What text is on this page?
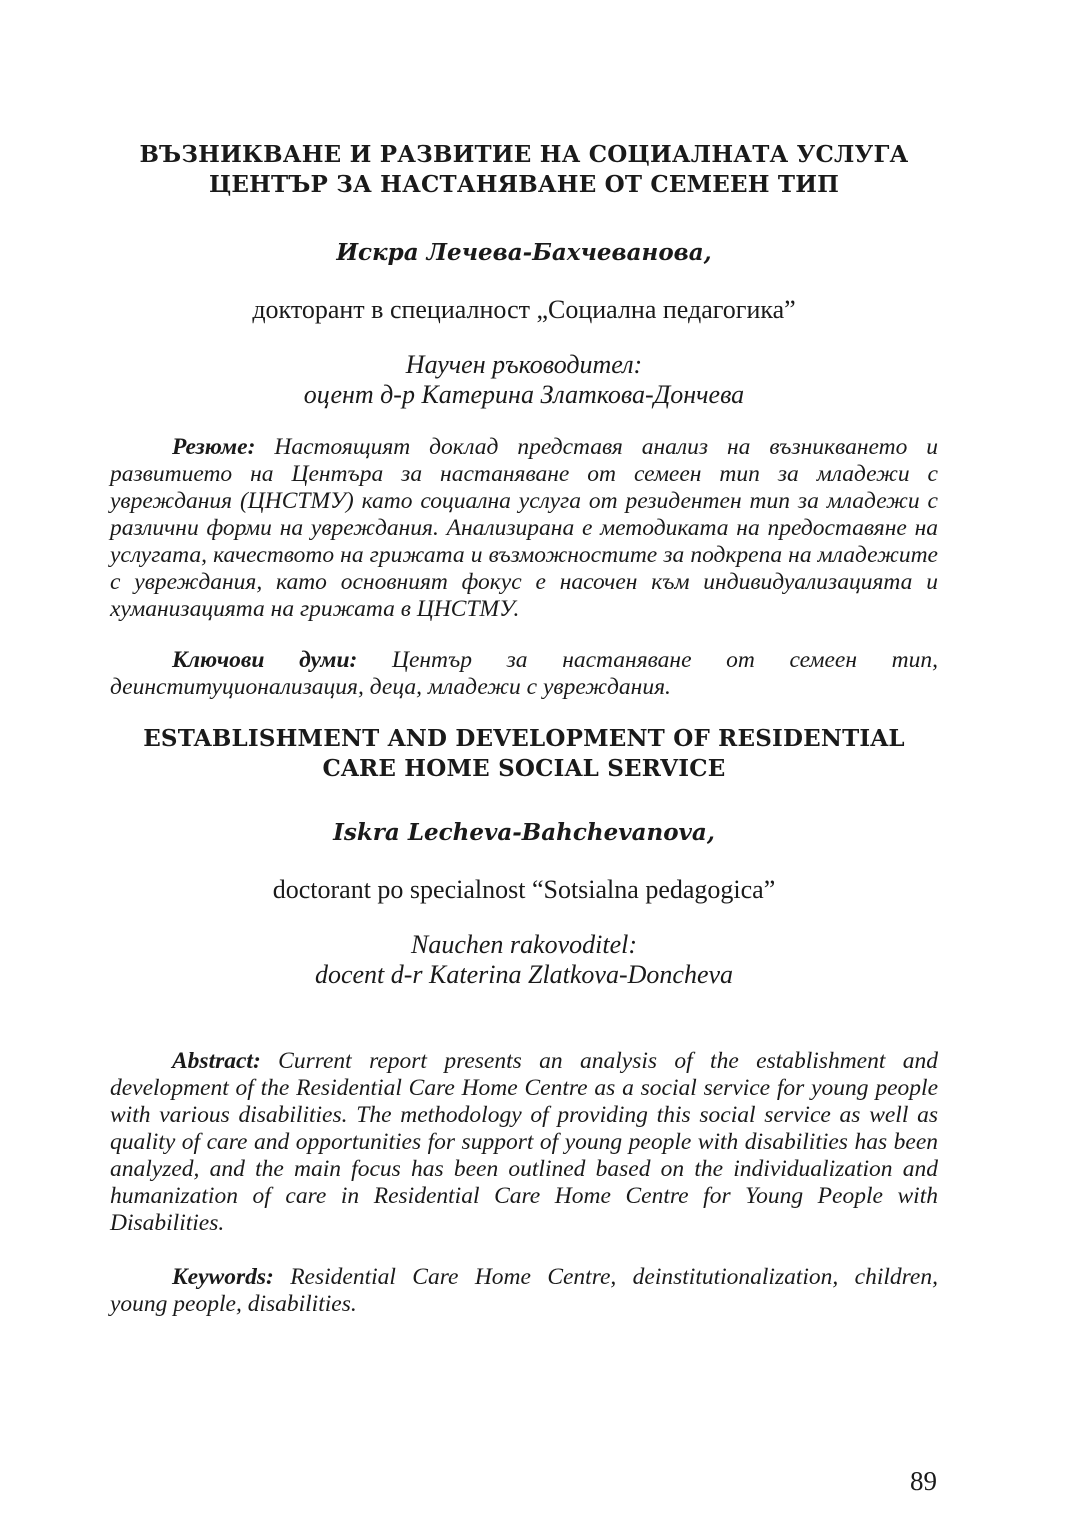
ВЪЗНИКВАНЕ И РАЗВИТИЕ НА СОЦИАЛНАТА УСЛУГА
ЦЕНТЪР ЗА НАСТАНЯВАНЕ ОТ СЕМЕЕН ТИП
Искра Лечева-Бахчеванова,
докторант в специалност „Социална педагогика”
Научен ръководител:
оцент д-р Катерина Златкова-Дончева

Резюме: Настоящият доклад представя анализ на възникването и развитието на Центъра за настаняване от семеен тип за младежи с увреждания (ЦНСТМУ) като социална услуга от резидентен тип за младежи с различни форми на увреждания. Анализирана е методиката на предоставяне на услугата, качеството на грижата и възможностите за подкрепа на младежите с увреждания, като основният фокус е насочен към индивидуализацията и хуманизацията на грижата в ЦНСТМУ.

Ключови думи: Център за настаняване от семеен тип, деинституционализация, деца, младежи с увреждания.

ESTABLISHMENT AND DEVELOPMENT OF RESIDENTIAL
CARE HOME SOCIAL SERVICE
Iskra Lecheva-Bahchevanova,
doctorant po specialnost “Sotsialna pedagogica”
Nauchen rakovoditel:
docent d-r Katerina Zlatkova-Doncheva

Abstract: Current report presents an analysis of the establishment and development of the Residential Care Home Centre as a social service for young people with various disabilities. The methodology of providing this social service as well as quality of care and opportunities for support of young people with disabilities has been analyzed, and the main focus has been outlined based on the individualization and humanization of care in Residential Care Home Centre for Young People with Disabilities.

Keywords: Residential Care Home Centre, deinstitutionalization, children, young people, disabilities.

89
